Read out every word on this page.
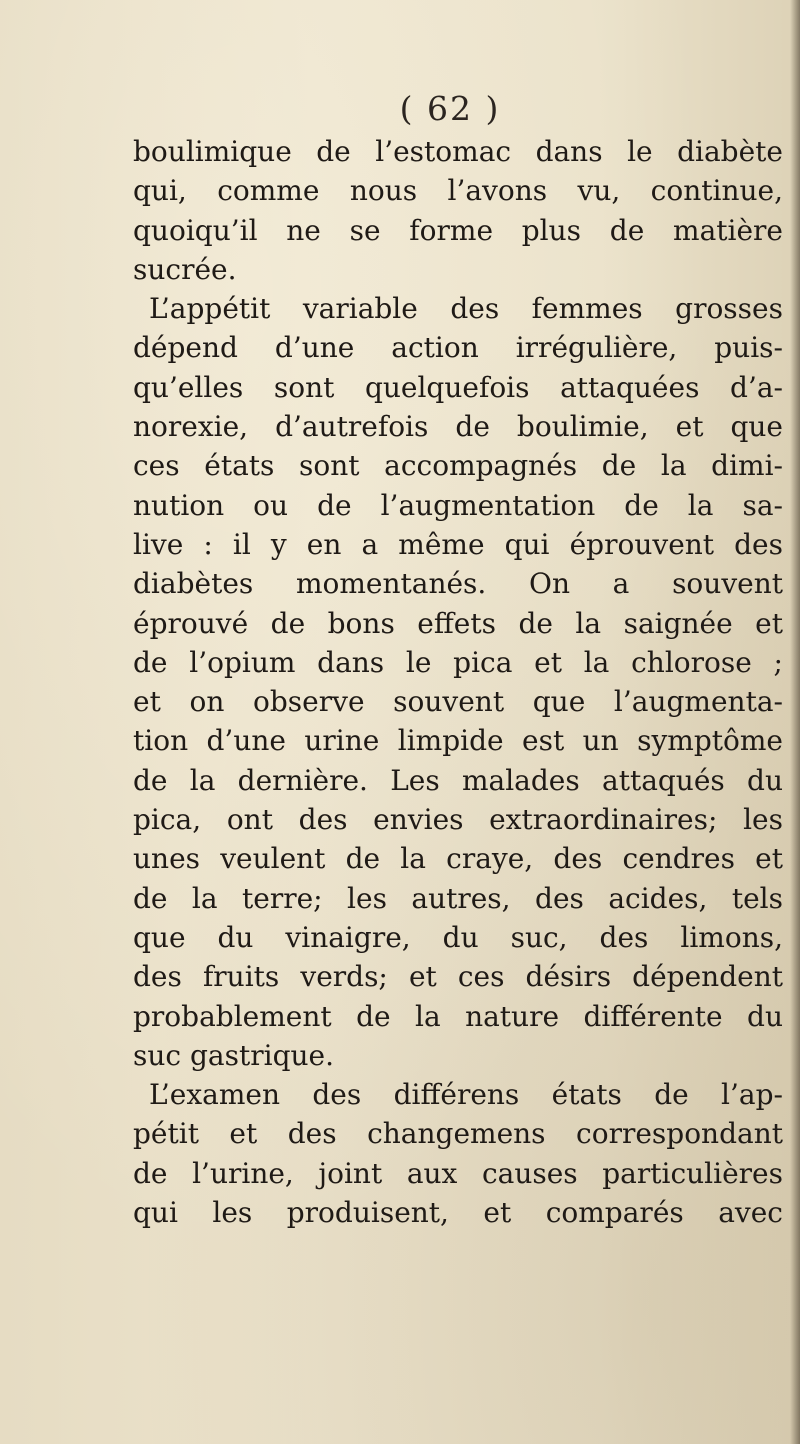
( 62 )
boulimique de l’estomac dans le diabète
qui, comme nous l’avons vu, continue,
quoiqu’il ne se forme plus de matière
sucrée.
L’appétit variable des femmes grosses
dépend d’une action irrégulière, puis-
qu’elles sont quelquefois attaquées d’a-
norexie, d’autrefois de boulimie, et que
ces états sont accompagnés de la dimi-
nution ou de l’augmentation de la sa-
live : il y en a même qui éprouvent des
diabètes momentanés. On a souvent
éprouvé de bons effets de la saignée et
de l’opium dans le pica et la chlorose ;
et on observe souvent que l’augmenta-
tion d’une urine limpide est un symptôme
de la dernière. Les malades attaqués du
pica, ont des envies extraordinaires; les
unes veulent de la craye, des cendres et
de la terre; les autres, des acides, tels
que du vinaigre, du suc, des limons,
des fruits verds; et ces désirs dépendent
probablement de la nature différente du
suc gastrique.
L’examen des différens états de l’ap-
pétit et des changemens correspondant
de l’urine, joint aux causes particulières
qui les produisent, et comparés avec
